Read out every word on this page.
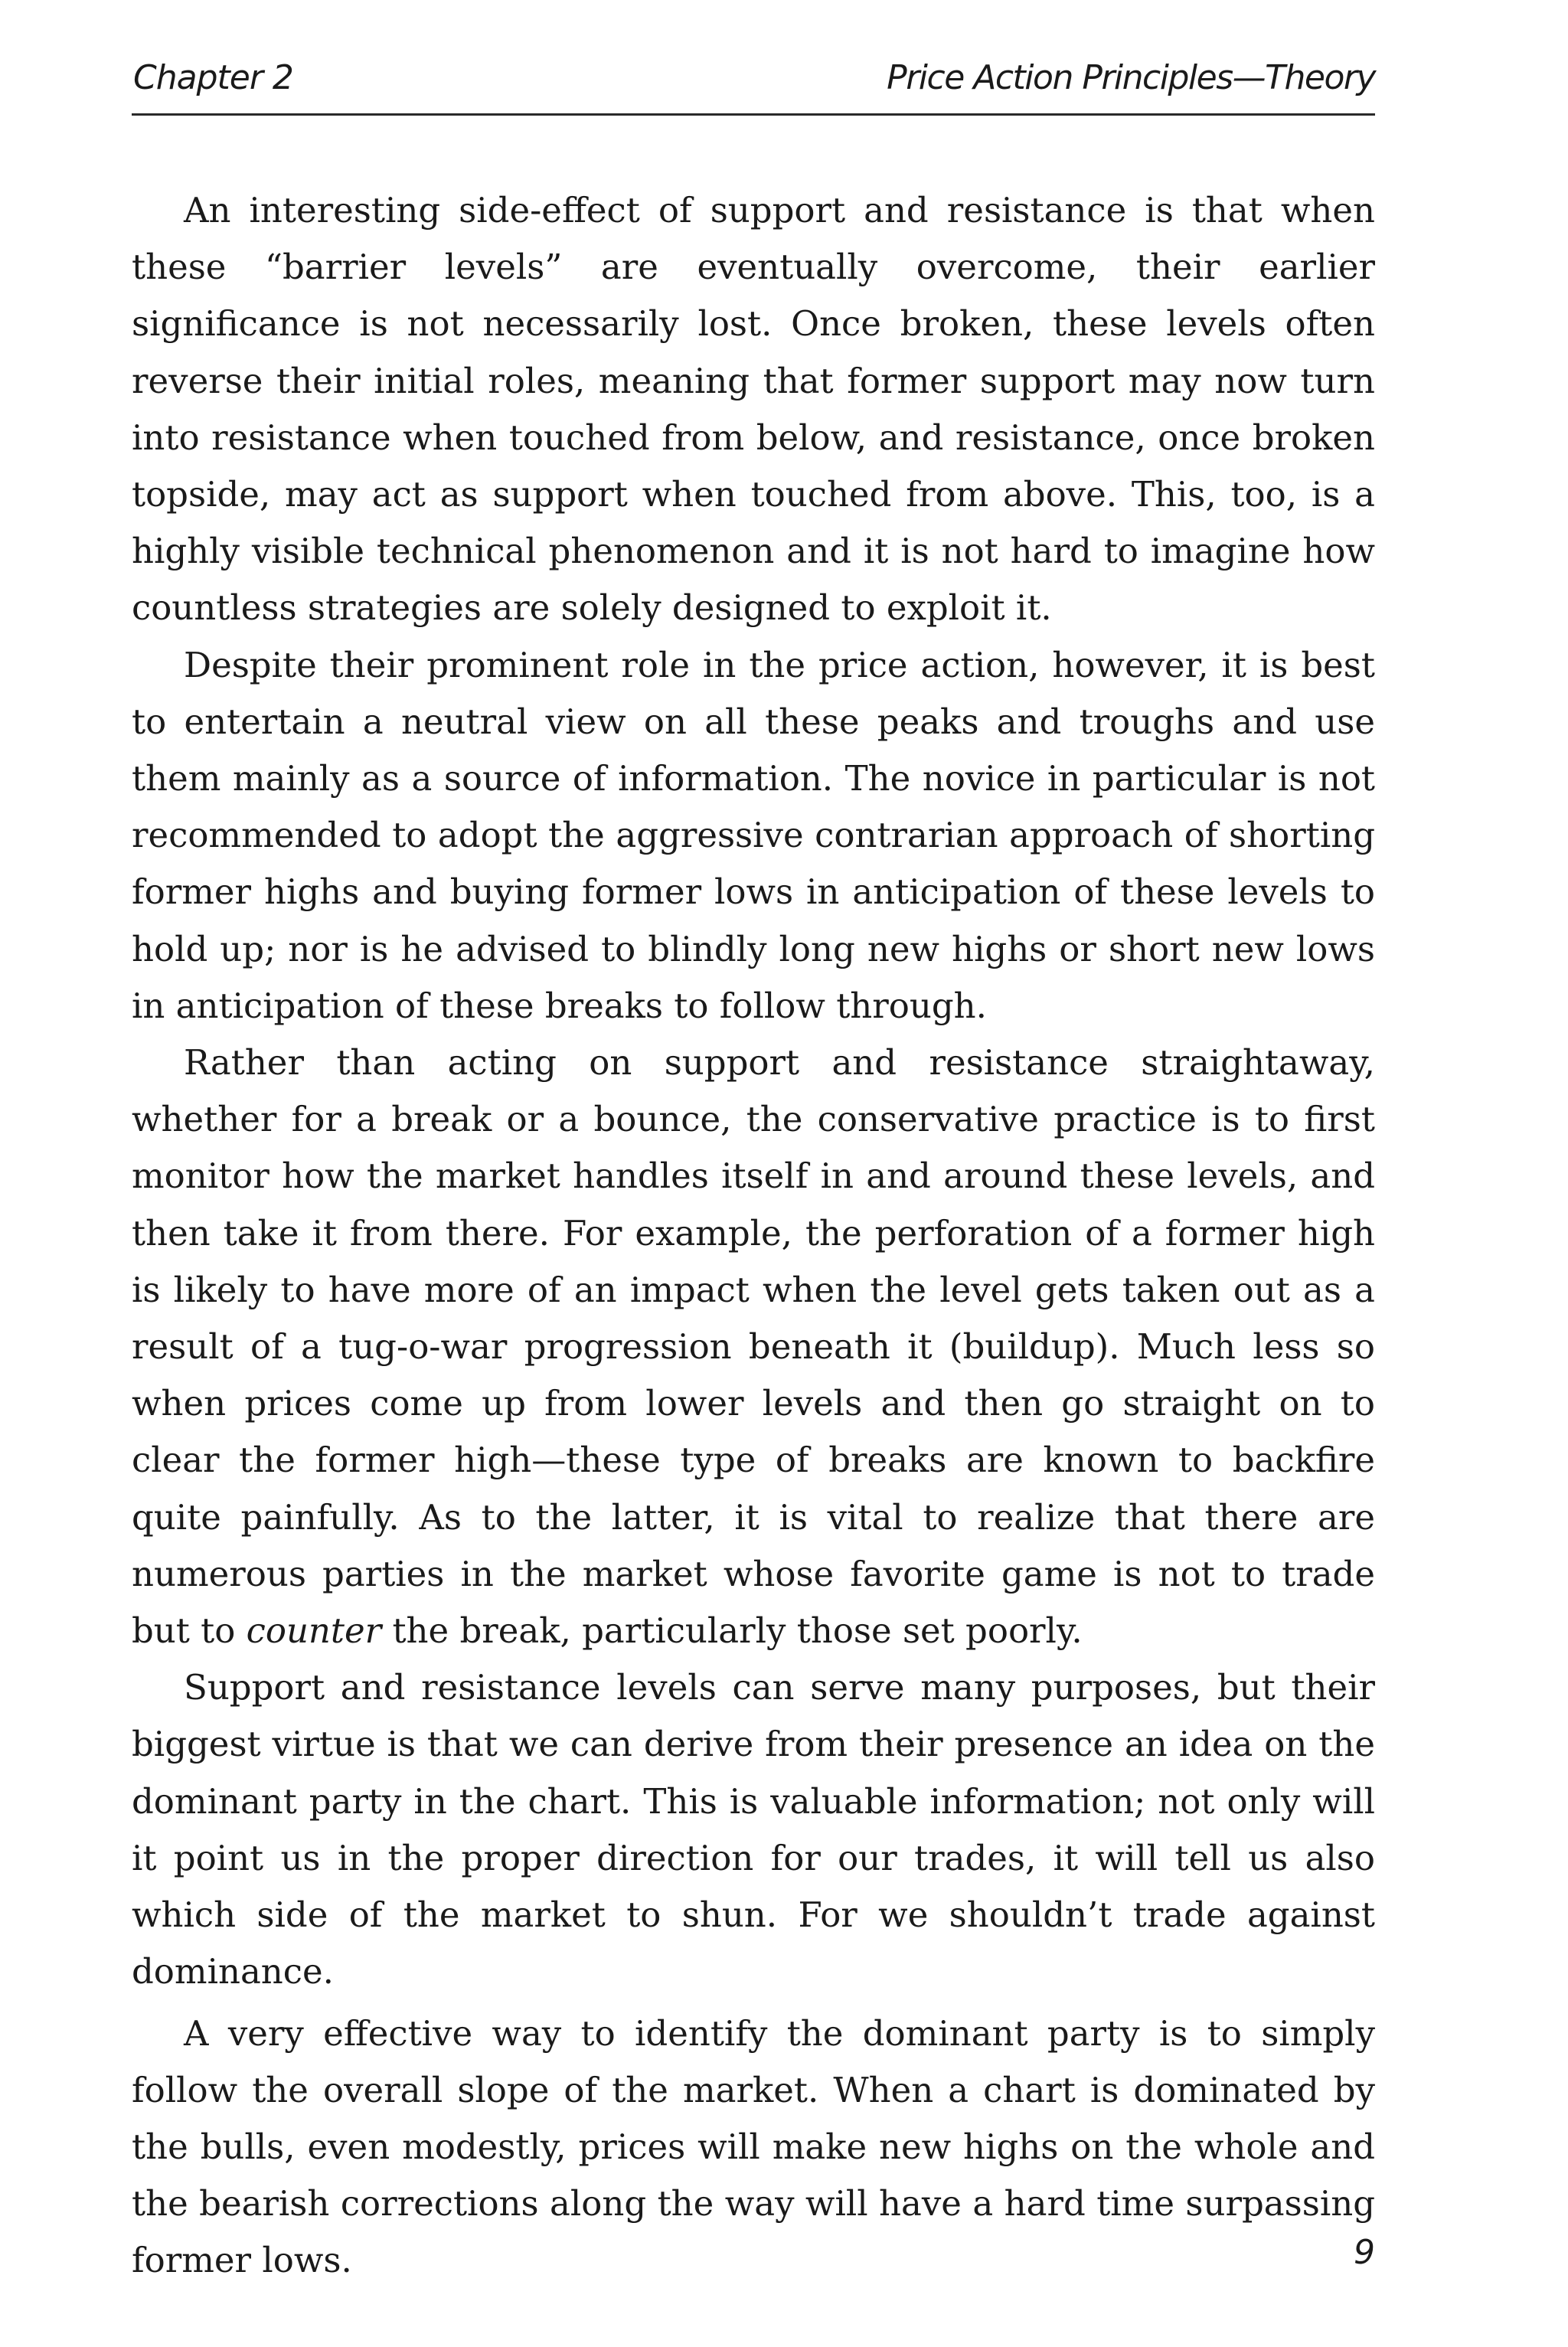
Chapter 2	Price Action Principles—Theory

An interesting side-effect of support and resistance is that when these “barrier levels” are eventually overcome, their earlier significance is not necessarily lost. Once broken, these levels often reverse their initial roles, meaning that former support may now turn into resistance when touched from below, and resistance, once broken topside, may act as support when touched from above. This, too, is a highly visible technical phenomenon and it is not hard to imagine how countless strategies are solely designed to exploit it.

Despite their prominent role in the price action, however, it is best to entertain a neutral view on all these peaks and troughs and use them mainly as a source of information. The novice in particular is not recommended to adopt the aggressive contrarian approach of shorting former highs and buying former lows in anticipation of these levels to hold up; nor is he advised to blindly long new highs or short new lows in anticipation of these breaks to follow through.

Rather than acting on support and resistance straightaway, whether for a break or a bounce, the conservative practice is to first monitor how the market handles itself in and around these levels, and then take it from there. For example, the perforation of a former high is likely to have more of an impact when the level gets taken out as a result of a tug-o-war progression beneath it (buildup). Much less so when prices come up from lower levels and then go straight on to clear the former high—these type of breaks are known to backfire quite painfully. As to the latter, it is vital to realize that there are numerous parties in the market whose favorite game is not to trade but to counter the break, particularly those set poorly.

Support and resistance levels can serve many purposes, but their biggest virtue is that we can derive from their presence an idea on the dominant party in the chart. This is valuable information; not only will it point us in the proper direction for our trades, it will tell us also which side of the market to shun. For we shouldn’t trade against dominance.

A very effective way to identify the dominant party is to simply follow the overall slope of the market. When a chart is dominated by the bulls, even modestly, prices will make new highs on the whole and the bearish corrections along the way will have a hard time surpassing former lows.	9
